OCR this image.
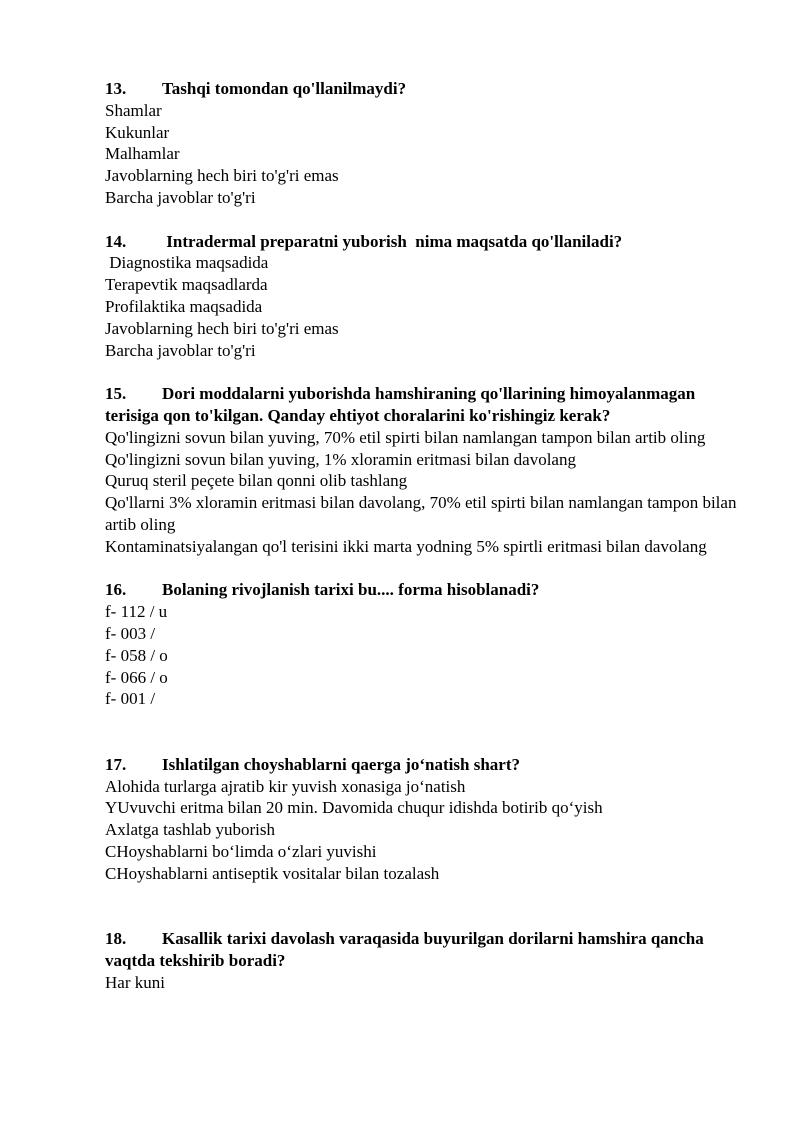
13. Tashqi tomondan qo'llanilmaydi?

Shamlar

Kukunlar

Malhamlar

Javoblarning hech biri to'g'ri emas

Barcha javoblar to'g'ri

14. Intradermal preparatni yuborish  nima maqsatda qo'llaniladi?

Diagnostika maqsadida

Terapevtik maqsadlarda

Profilaktika maqsadida

Javoblarning hech biri to'g'ri emas

Barcha javoblar to'g'ri

15. Dori moddalarni yuborishda hamshiraning qo'llarining himoyalanmagan terisiga qon to'kilgan. Qanday ehtiyot choralarini ko'rishingiz kerak?

Qo'lingizni sovun bilan yuving, 70% etil spirti bilan namlangan tampon bilan artib oling

Qo'lingizni sovun bilan yuving, 1% xloramin eritmasi bilan davolang

Quruq steril peçete bilan qonni olib tashlang

Qo'llarni 3% xloramin eritmasi bilan davolang, 70% etil spirti bilan namlangan tampon bilan artib oling

Kontaminatsiyalangan qo'l terisini ikki marta yodning 5% spirtli eritmasi bilan davolang

16. Bolaning rivojlanish tarixi bu.... forma hisoblanadi?

f- 112 / u

f- 003 /

f- 058 / o

f- 066 / o

f- 001 /

17. Ishlatilgan choyshablarni qaerga jo‘natish shart?

Alohida turlarga ajratib kir yuvish xonasiga jo‘natish

YUvuvchi eritma bilan 20 min. Davomida chuqur idishda botirib qo‘yish

Axlatga tashlab yuborish

CHoyshablarni bo‘limda o‘zlari yuvishi

CHoyshablarni antiseptik vositalar bilan tozalash

18. Kasallik tarixi davolash varaqasida buyurilgan dorilarni hamshira qancha vaqtda tekshirib boradi?

Har kuni
